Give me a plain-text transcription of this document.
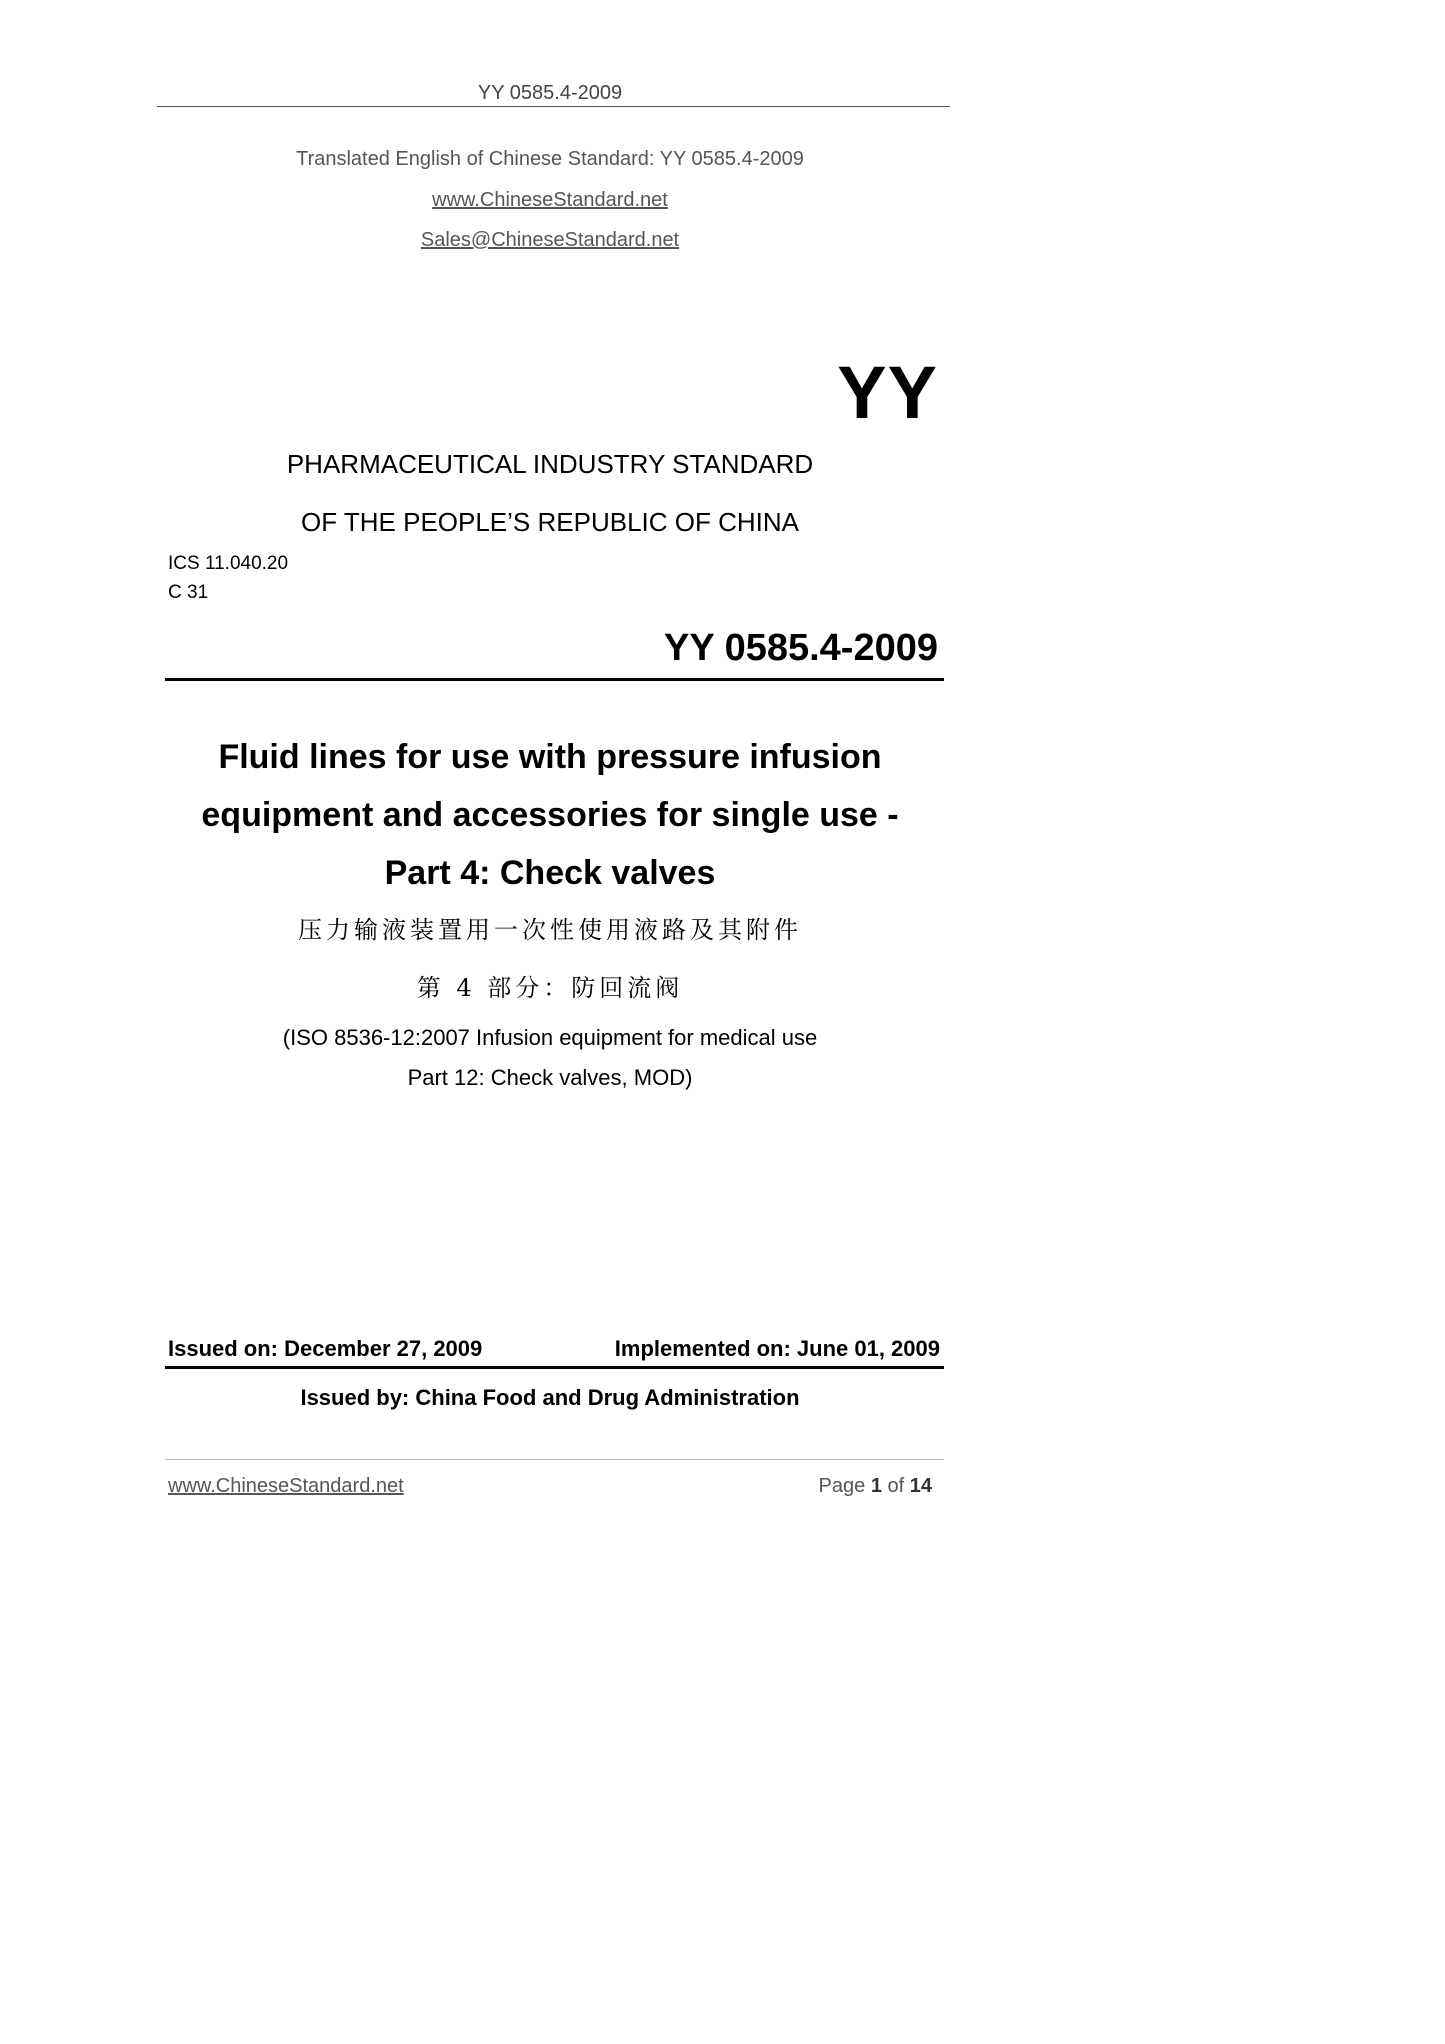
YY 0585.4-2009
Translated English of Chinese Standard: YY 0585.4-2009
www.ChineseStandard.net
Sales@ChineseStandard.net
YY
PHARMACEUTICAL INDUSTRY STANDARD
OF THE PEOPLE’S REPUBLIC OF CHINA
ICS 11.040.20
C 31
YY 0585.4-2009
Fluid lines for use with pressure infusion
equipment and accessories for single use -
Part 4: Check valves
压力输液装置用一次性使用液路及其附件
第 4 部分：防回流阀
(ISO 8536-12:2007 Infusion equipment for medical use
Part 12: Check valves, MOD)
Issued on: December 27, 2009	Implemented on: June 01, 2009
Issued by: China Food and Drug Administration
www.ChineseStandard.net	Page 1 of 14
